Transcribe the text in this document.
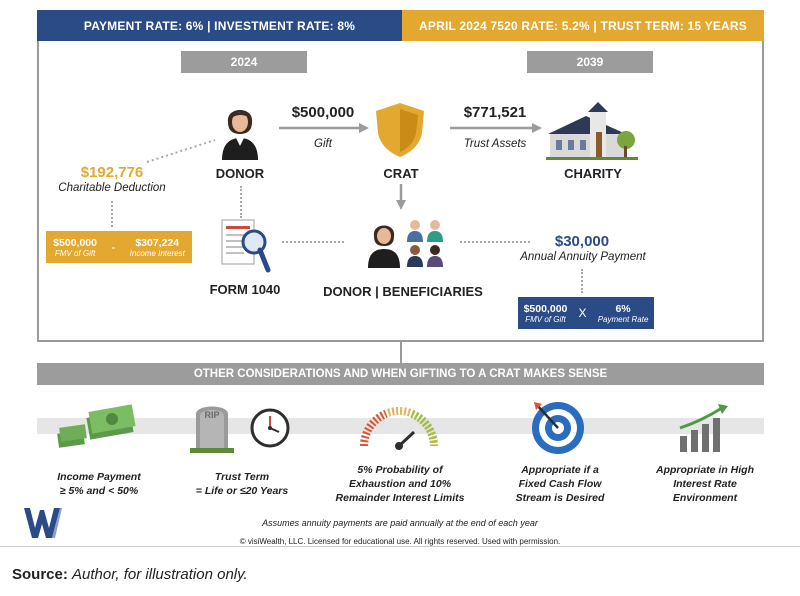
PAYMENT RATE: 6% | INVESTMENT RATE: 8%	APRIL 2024 7520 RATE: 5.2% | TRUST TERM: 15 YEARS
2024	2039
DONOR
$500,000
Gift
CRAT
$771,521
Trust Assets
CHARITY
$192,776
Charitable Deduction
$500,000
FMV of Gift - $307,224
Income Interest
FORM 1040	DONOR | BENEFICIARIES
$30,000
Annual Annuity Payment
$500,000
FMV of Gift X	6%
Payment Rate
OTHER CONSIDERATIONS AND WHEN GIFTING TO A CRAT MAKES SENSE
RIP
Income Payment
≥ 5% and < 50%
Trust Term
= Life or ≤20 Years
5% Probability of
Exhaustion and 10%
Remainder Interest Limits
Appropriate if a
Fixed Cash Flow
Stream is Desired
Appropriate in High
Interest Rate
Environment
Assumes annuity payments are paid annually at the end of each year
© visiWealth, LLC. Licensed for educational use. All rights reserved. Used with permission.
Source: Author, for illustration only.
